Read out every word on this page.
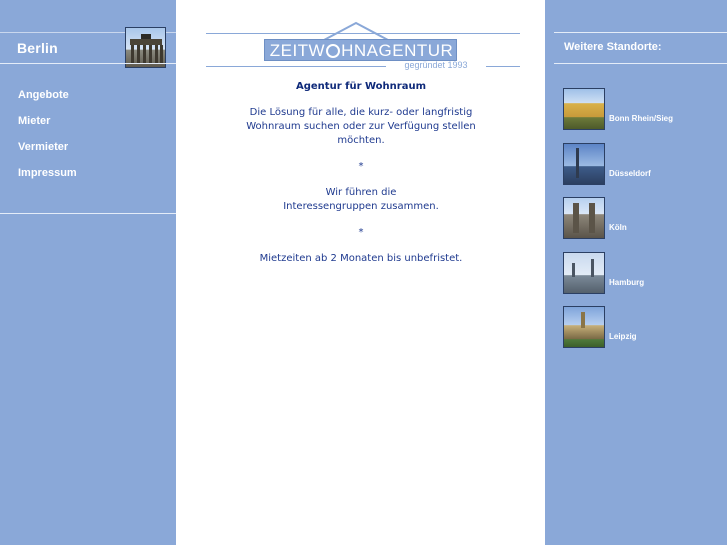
Berlin
Angebote
Mieter
Vermieter
Impressum
ZEITW HNAGENTUR
gegründet 1993

Agentur für Wohnraum

Die Lösung für alle, die kurz- oder langfristig
Wohnraum suchen oder zur Verfügung stellen
möchten.

*

Wir führen die
Interessengruppen zusammen.

*

Mietzeiten ab 2 Monaten bis unbefristet.

Weitere Standorte:
Bonn Rhein/Sieg
Düsseldorf
Köln
Hamburg
Leipzig
